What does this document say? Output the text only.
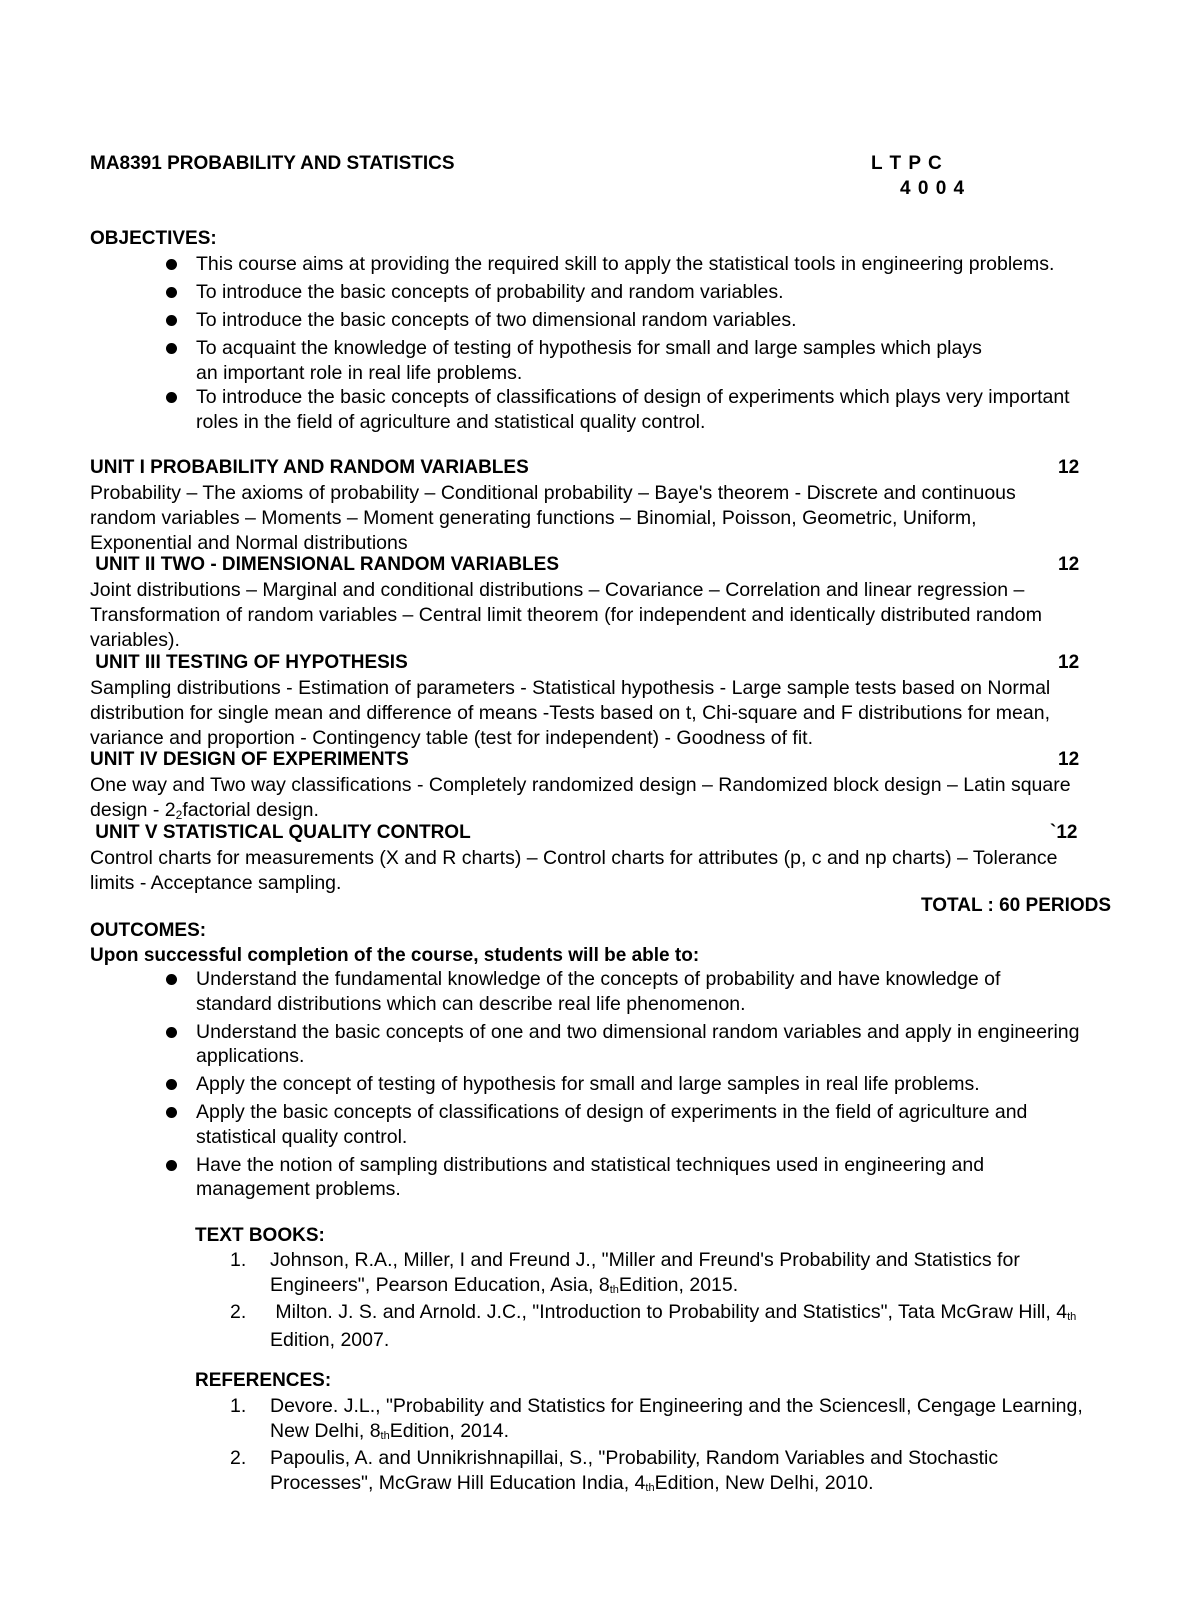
MA8391 PROBABILITY AND STATISTICS	L T P C
4 0 0 4
OBJECTIVES:
This course aims at providing the required skill to apply the statistical tools in engineering problems.
To introduce the basic concepts of probability and random variables.
To introduce the basic concepts of two dimensional random variables.
To acquaint the knowledge of testing of hypothesis for small and large samples which plays
an important role in real life problems.
To introduce the basic concepts of classifications of design of experiments which plays very important
roles in the field of agriculture and statistical quality control.
UNIT I PROBABILITY AND RANDOM VARIABLES	12
Probability – The axioms of probability – Conditional probability – Baye's theorem - Discrete and continuous
random variables – Moments – Moment generating functions – Binomial, Poisson, Geometric, Uniform,
Exponential and Normal distributions
UNIT II TWO - DIMENSIONAL RANDOM VARIABLES	12
Joint distributions – Marginal and conditional distributions – Covariance – Correlation and linear regression –
Transformation of random variables – Central limit theorem (for independent and identically distributed random
variables).
UNIT III TESTING OF HYPOTHESIS	12
Sampling distributions - Estimation of parameters - Statistical hypothesis - Large sample tests based on Normal
distribution for single mean and difference of means -Tests based on t, Chi-square and F distributions for mean,
variance and proportion - Contingency table (test for independent) - Goodness of fit.
UNIT IV DESIGN OF EXPERIMENTS	12
One way and Two way classifications - Completely randomized design – Randomized block design – Latin square
design - 22factorial design.
UNIT V STATISTICAL QUALITY CONTROL	`12
Control charts for measurements (X and R charts) – Control charts for attributes (p, c and np charts) – Tolerance
limits - Acceptance sampling.
TOTAL : 60 PERIODS
OUTCOMES:
Upon successful completion of the course, students will be able to:
Understand the fundamental knowledge of the concepts of probability and have knowledge of
standard distributions which can describe real life phenomenon.
Understand the basic concepts of one and two dimensional random variables and apply in engineering
applications.
Apply the concept of testing of hypothesis for small and large samples in real life problems.
Apply the basic concepts of classifications of design of experiments in the field of agriculture and
statistical quality control.
Have the notion of sampling distributions and statistical techniques used in engineering and
management problems.
TEXT BOOKS:
1. Johnson, R.A., Miller, I and Freund J., "Miller and Freund's Probability and Statistics for
Engineers", Pearson Education, Asia, 8thEdition, 2015.
2. Milton. J. S. and Arnold. J.C., "Introduction to Probability and Statistics", Tata McGraw Hill, 4th
Edition, 2007.
REFERENCES:
1. Devore. J.L., "Probability and Statistics for Engineering and the Sciences‖, Cengage Learning,
New Delhi, 8thEdition, 2014.
2. Papoulis, A. and Unnikrishnapillai, S., "Probability, Random Variables and Stochastic
Processes", McGraw Hill Education India, 4thEdition, New Delhi, 2010.
